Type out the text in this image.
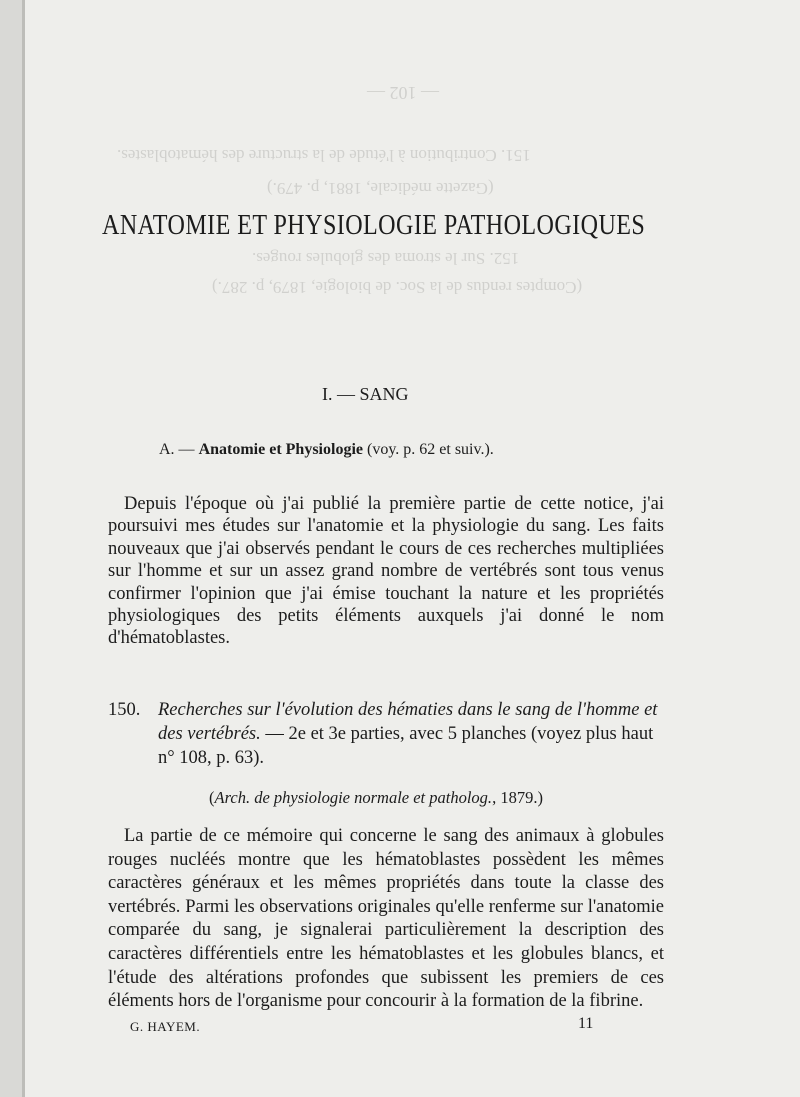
— 102 —
151. Contribution à l'étude de la structure des hématoblastes.
(Gazette médicale, 1881, p. 479.)
152. Sur le stroma des globules rouges.
(Comptes rendus de la Soc. de biologie, 1879, p. 287.)
ANATOMIE ET PHYSIOLOGIE PATHOLOGIQUES
I. — SANG
A. — Anatomie et Physiologie (voy. p. 62 et suiv.).

Depuis l'époque où j'ai publié la première partie de cette notice, j'ai poursuivi mes études sur l'anatomie et la physiologie du sang. Les faits nouveaux que j'ai observés pendant le cours de ces recherches multipliées sur l'homme et sur un assez grand nombre de vertébrés sont tous venus confirmer l'opinion que j'ai émise touchant la nature et les propriétés physiologiques des petits éléments auxquels j'ai donné le nom d'hématoblastes.

150. Recherches sur l'évolution des hématies dans le sang de l'homme et des vertébrés. — 2e et 3e parties, avec 5 planches (voyez plus haut n° 108, p. 63).
(Arch. de physiologie normale et patholog., 1879.)

La partie de ce mémoire qui concerne le sang des animaux à globules rouges nucléés montre que les hématoblastes possèdent les mêmes caractères généraux et les mêmes propriétés dans toute la classe des vertébrés. Parmi les observations originales qu'elle renferme sur l'anatomie comparée du sang, je signalerai particulièrement la description des caractères différentiels entre les hématoblastes et les globules blancs, et l'étude des altérations profondes que subissent les premiers de ces éléments hors de l'organisme pour concourir à la formation de la fibrine.

G. HAYEM.	11
